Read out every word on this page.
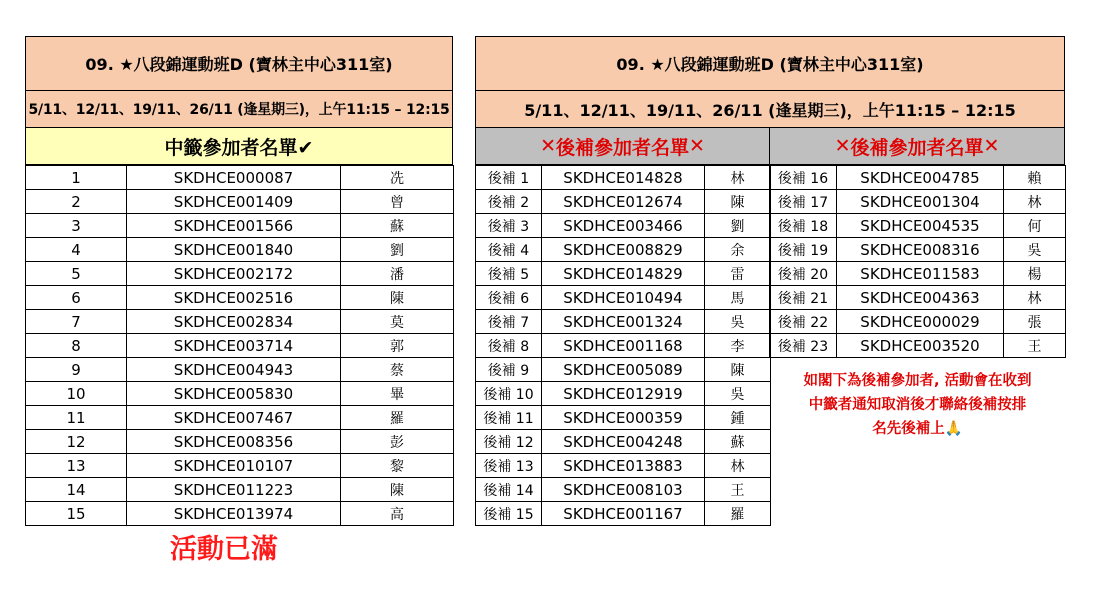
09. ★八段錦運動班D (寶林主中心311室)
5/11、12/11、19/11、26/11 (逢星期三)，上午11:15 – 12:15
中籤參加者名單✔
1	SKDHCE000087	冼
2	SKDHCE001409	曾
3	SKDHCE001566	蘇
4	SKDHCE001840	劉
5	SKDHCE002172	潘
6	SKDHCE002516	陳
7	SKDHCE002834	莫
8	SKDHCE003714	郭
9	SKDHCE004943	蔡
10	SKDHCE005830	畢
11	SKDHCE007467	羅
12	SKDHCE008356	彭
13	SKDHCE010107	黎
14	SKDHCE011223	陳
15	SKDHCE013974	高
活動已滿
09. ★八段錦運動班D (寶林主中心311室)
5/11、12/11、19/11、26/11 (逢星期三)，上午11:15 – 12:15
✕ 後補參加者名單 ✕	✕ 後補參加者名單 ✕
後補 1	SKDHCE014828	林
後補 2	SKDHCE012674	陳
後補 3	SKDHCE003466	劉
後補 4	SKDHCE008829	余
後補 5	SKDHCE014829	雷
後補 6	SKDHCE010494	馬
後補 7	SKDHCE001324	吳
後補 8	SKDHCE001168	李
後補 9	SKDHCE005089	陳
後補 10	SKDHCE012919	吳
後補 11	SKDHCE000359	鍾
後補 12	SKDHCE004248	蘇
後補 13	SKDHCE013883	林
後補 14	SKDHCE008103	王
後補 15	SKDHCE001167	羅
後補 16	SKDHCE004785	賴
後補 17	SKDHCE001304	林
後補 18	SKDHCE004535	何
後補 19	SKDHCE008316	吳
後補 20	SKDHCE011583	楊
後補 21	SKDHCE004363	林
後補 22	SKDHCE000029	張
後補 23	SKDHCE003520	王
如閣下為後補參加者, 活動會在收到
中籤者通知取消後才聯絡後補按排
名先後補上🙏
